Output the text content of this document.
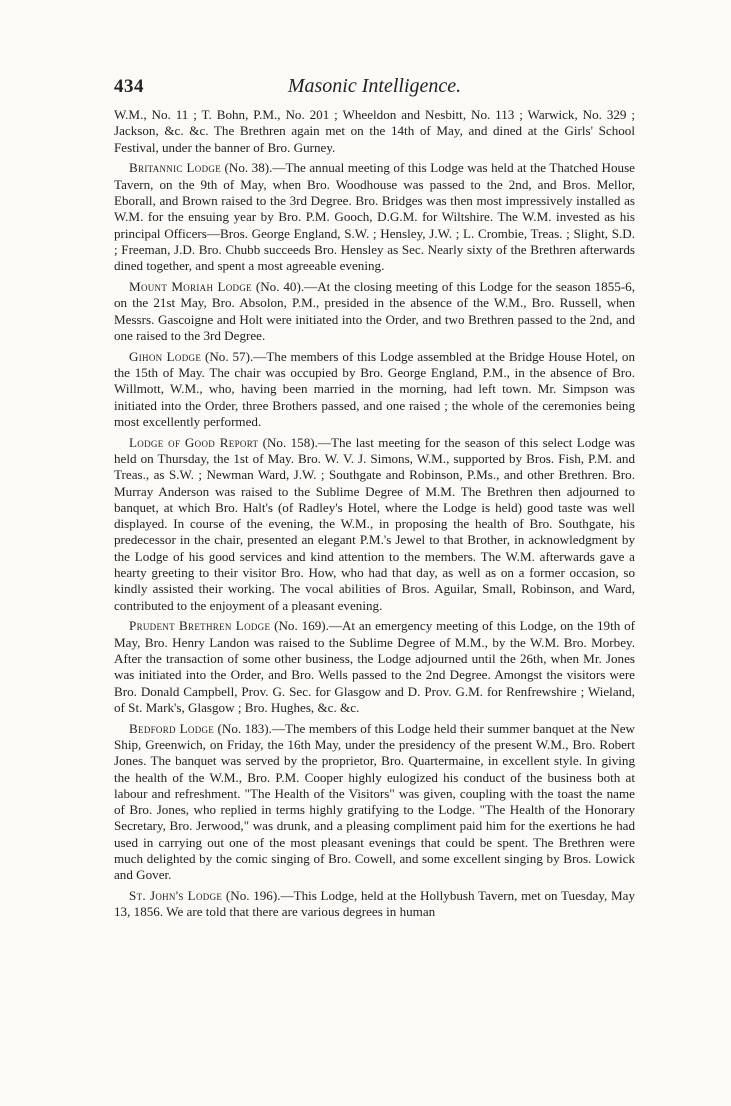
434	Masonic Intelligence.

W.M., No. 11 ; T. Bohn, P.M., No. 201 ; Wheeldon and Nesbitt, No. 113 ; Warwick, No. 329 ; Jackson, &c. &c. The Brethren again met on the 14th of May, and dined at the Girls' School Festival, under the banner of Bro. Gurney.

Britannic Lodge (No. 38).—The annual meeting of this Lodge was held at the Thatched House Tavern, on the 9th of May, when Bro. Woodhouse was passed to the 2nd, and Bros. Mellor, Eborall, and Brown raised to the 3rd Degree. Bro. Bridges was then most impressively installed as W.M. for the ensuing year by Bro. P.M. Gooch, D.G.M. for Wiltshire. The W.M. invested as his principal Officers—Bros. George England, S.W. ; Hensley, J.W. ; L. Crombie, Treas. ; Slight, S.D. ; Freeman, J.D. Bro. Chubb succeeds Bro. Hensley as Sec. Nearly sixty of the Brethren afterwards dined together, and spent a most agreeable evening.

Mount Moriah Lodge (No. 40).—At the closing meeting of this Lodge for the season 1855-6, on the 21st May, Bro. Absolon, P.M., presided in the absence of the W.M., Bro. Russell, when Messrs. Gascoigne and Holt were initiated into the Order, and two Brethren passed to the 2nd, and one raised to the 3rd Degree.

Gihon Lodge (No. 57).—The members of this Lodge assembled at the Bridge House Hotel, on the 15th of May. The chair was occupied by Bro. George England, P.M., in the absence of Bro. Willmott, W.M., who, having been married in the morning, had left town. Mr. Simpson was initiated into the Order, three Brothers passed, and one raised ; the whole of the ceremonies being most excellently performed.

Lodge of Good Report (No. 158).—The last meeting for the season of this select Lodge was held on Thursday, the 1st of May. Bro. W. V. J. Simons, W.M., supported by Bros. Fish, P.M. and Treas., as S.W. ; Newman Ward, J.W. ; Southgate and Robinson, P.Ms., and other Brethren. Bro. Murray Anderson was raised to the Sublime Degree of M.M. The Brethren then adjourned to banquet, at which Bro. Halt's (of Radley's Hotel, where the Lodge is held) good taste was well displayed. In course of the evening, the W.M., in proposing the health of Bro. Southgate, his predecessor in the chair, presented an elegant P.M.'s Jewel to that Brother, in acknowledgment by the Lodge of his good services and kind attention to the members. The W.M. afterwards gave a hearty greeting to their visitor Bro. How, who had that day, as well as on a former occasion, so kindly assisted their working. The vocal abilities of Bros. Aguilar, Small, Robinson, and Ward, contributed to the enjoyment of a pleasant evening.

Prudent Brethren Lodge (No. 169).—At an emergency meeting of this Lodge, on the 19th of May, Bro. Henry Landon was raised to the Sublime Degree of M.M., by the W.M. Bro. Morbey. After the transaction of some other business, the Lodge adjourned until the 26th, when Mr. Jones was initiated into the Order, and Bro. Wells passed to the 2nd Degree. Amongst the visitors were Bro. Donald Campbell, Prov. G. Sec. for Glasgow and D. Prov. G.M. for Renfrewshire ; Wieland, of St. Mark's, Glasgow ; Bro. Hughes, &c. &c.

Bedford Lodge (No. 183).—The members of this Lodge held their summer banquet at the New Ship, Greenwich, on Friday, the 16th May, under the presidency of the present W.M., Bro. Robert Jones. The banquet was served by the proprietor, Bro. Quartermaine, in excellent style. In giving the health of the W.M., Bro. P.M. Cooper highly eulogized his conduct of the business both at labour and refreshment. "The Health of the Visitors" was given, coupling with the toast the name of Bro. Jones, who replied in terms highly gratifying to the Lodge. "The Health of the Honorary Secretary, Bro. Jerwood," was drunk, and a pleasing compliment paid him for the exertions he had used in carrying out one of the most pleasant evenings that could be spent. The Brethren were much delighted by the comic singing of Bro. Cowell, and some excellent singing by Bros. Lowick and Gover.

St. John's Lodge (No. 196).—This Lodge, held at the Hollybush Tavern, met on Tuesday, May 13, 1856. We are told that there are various degrees in human
